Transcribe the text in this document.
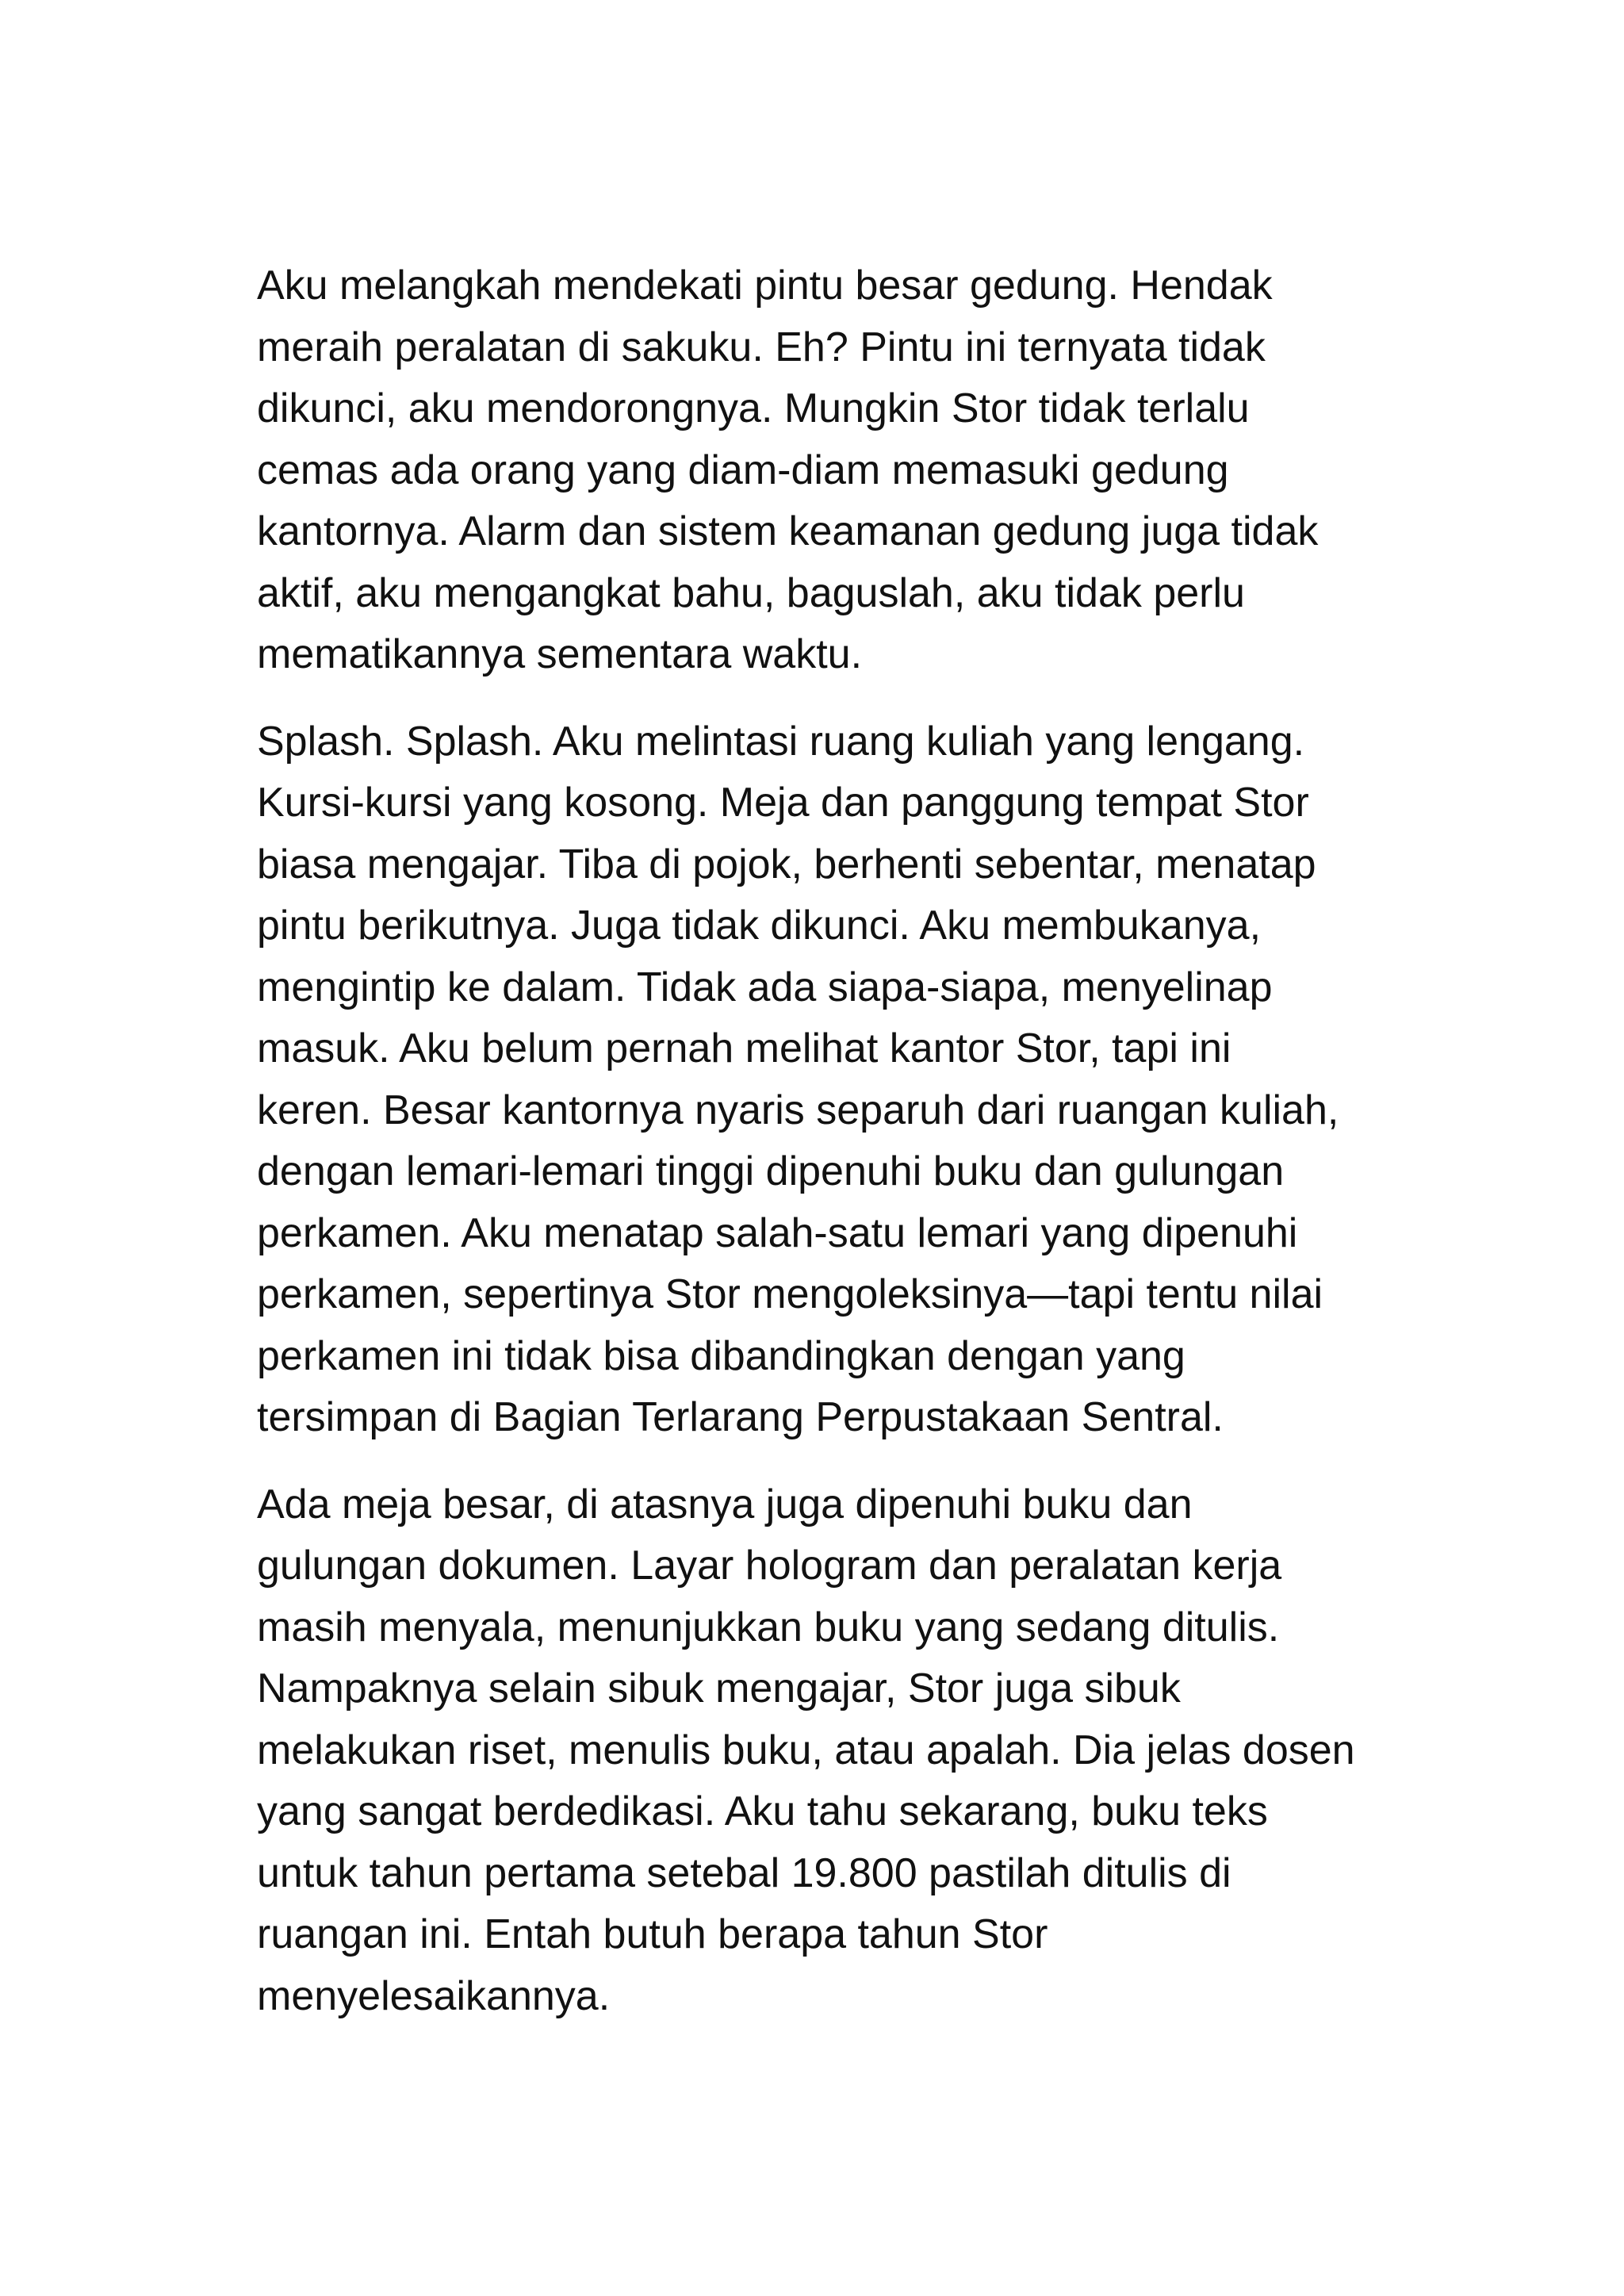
Aku melangkah mendekati pintu besar gedung. Hendak
meraih peralatan di sakuku. Eh? Pintu ini ternyata tidak
dikunci, aku mendorongnya. Mungkin Stor tidak terlalu
cemas ada orang yang diam-diam memasuki gedung
kantornya. Alarm dan sistem keamanan gedung juga tidak
aktif, aku mengangkat bahu, baguslah, aku tidak perlu
mematikannya sementara waktu.

Splash. Splash. Aku melintasi ruang kuliah yang lengang.
Kursi-kursi yang kosong. Meja dan panggung tempat Stor
biasa mengajar. Tiba di pojok, berhenti sebentar, menatap
pintu berikutnya. Juga tidak dikunci. Aku membukanya,
mengintip ke dalam. Tidak ada siapa-siapa, menyelinap
masuk. Aku belum pernah melihat kantor Stor, tapi ini
keren. Besar kantornya nyaris separuh dari ruangan kuliah,
dengan lemari-lemari tinggi dipenuhi buku dan gulungan
perkamen. Aku menatap salah-satu lemari yang dipenuhi
perkamen, sepertinya Stor mengoleksinya—tapi tentu nilai
perkamen ini tidak bisa dibandingkan dengan yang
tersimpan di Bagian Terlarang Perpustakaan Sentral.

Ada meja besar, di atasnya juga dipenuhi buku dan
gulungan dokumen. Layar hologram dan peralatan kerja
masih menyala, menunjukkan buku yang sedang ditulis.
Nampaknya selain sibuk mengajar, Stor juga sibuk
melakukan riset, menulis buku, atau apalah. Dia jelas dosen
yang sangat berdedikasi. Aku tahu sekarang, buku teks
untuk tahun pertama setebal 19.800 pastilah ditulis di
ruangan ini. Entah butuh berapa tahun Stor
menyelesaikannya.
